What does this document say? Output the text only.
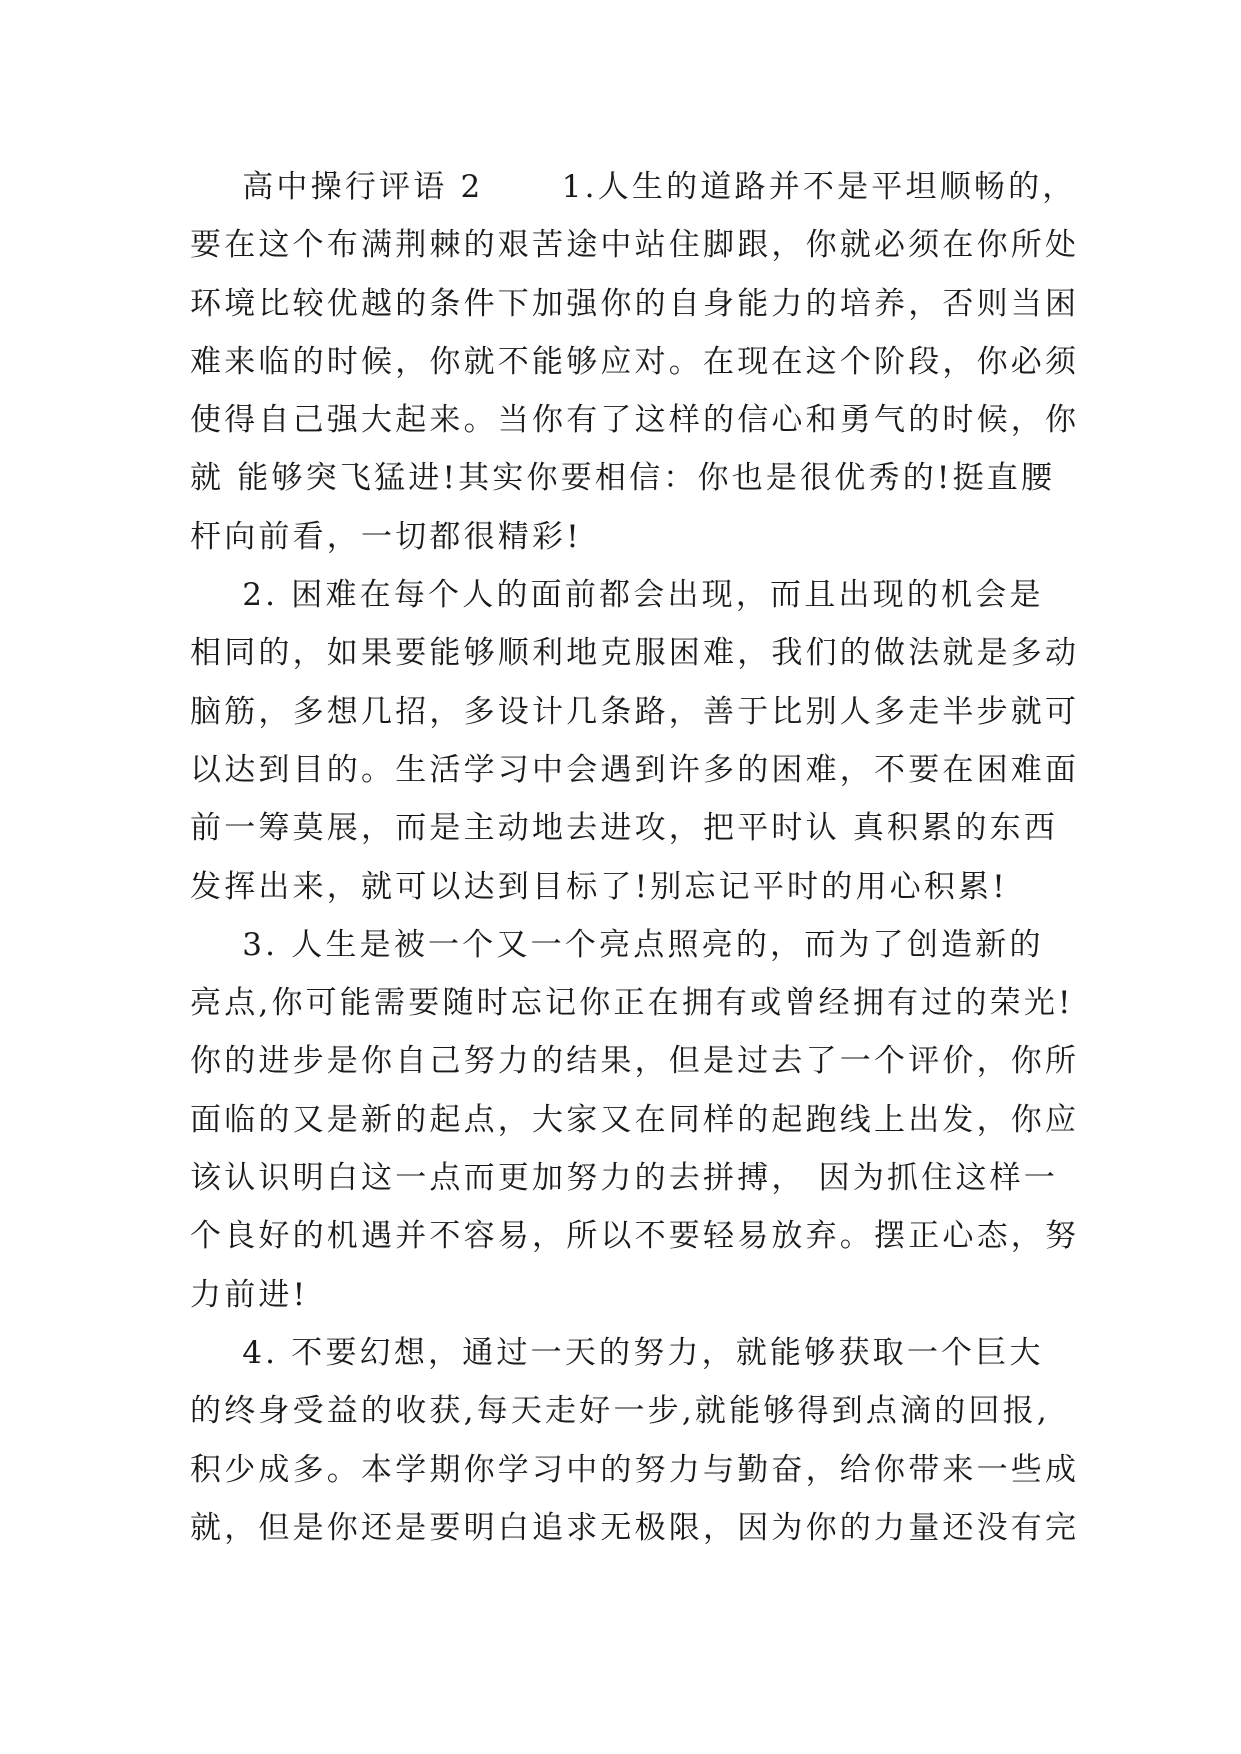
高中操行评语 2      1.人生的道路并不是平坦顺畅的，
要在这个布满荆棘的艰苦途中站住脚跟，你就必须在你所处
环境比较优越的条件下加强你的自身能力的培养，否则当困
难来临的时候，你就不能够应对。在现在这个阶段，你必须
使得自己强大起来。当你有了这样的信心和勇气的时候，你
就 能够突飞猛进!其实你要相信：你也是很优秀的!挺直腰
杆向前看，一切都很精彩!
2. 困难在每个人的面前都会出现，而且出现的机会是
相同的，如果要能够顺利地克服困难，我们的做法就是多动
脑筋，多想几招，多设计几条路，善于比别人多走半步就可
以达到目的。生活学习中会遇到许多的困难，不要在困难面
前一筹莫展，而是主动地去进攻，把平时认 真积累的东西
发挥出来，就可以达到目标了!别忘记平时的用心积累!
3. 人生是被一个又一个亮点照亮的，而为了创造新的
亮点,你可能需要随时忘记你正在拥有或曾经拥有过的荣光!
你的进步是你自己努力的结果，但是过去了一个评价，你所
面临的又是新的起点，大家又在同样的起跑线上出发，你应
该认识明白这一点而更加努力的去拼搏， 因为抓住这样一
个良好的机遇并不容易，所以不要轻易放弃。摆正心态，努
力前进!
4. 不要幻想，通过一天的努力，就能够获取一个巨大
的终身受益的收获,每天走好一步,就能够得到点滴的回报,
积少成多。本学期你学习中的努力与勤奋，给你带来一些成
就，但是你还是要明白追求无极限，因为你的力量还没有完
